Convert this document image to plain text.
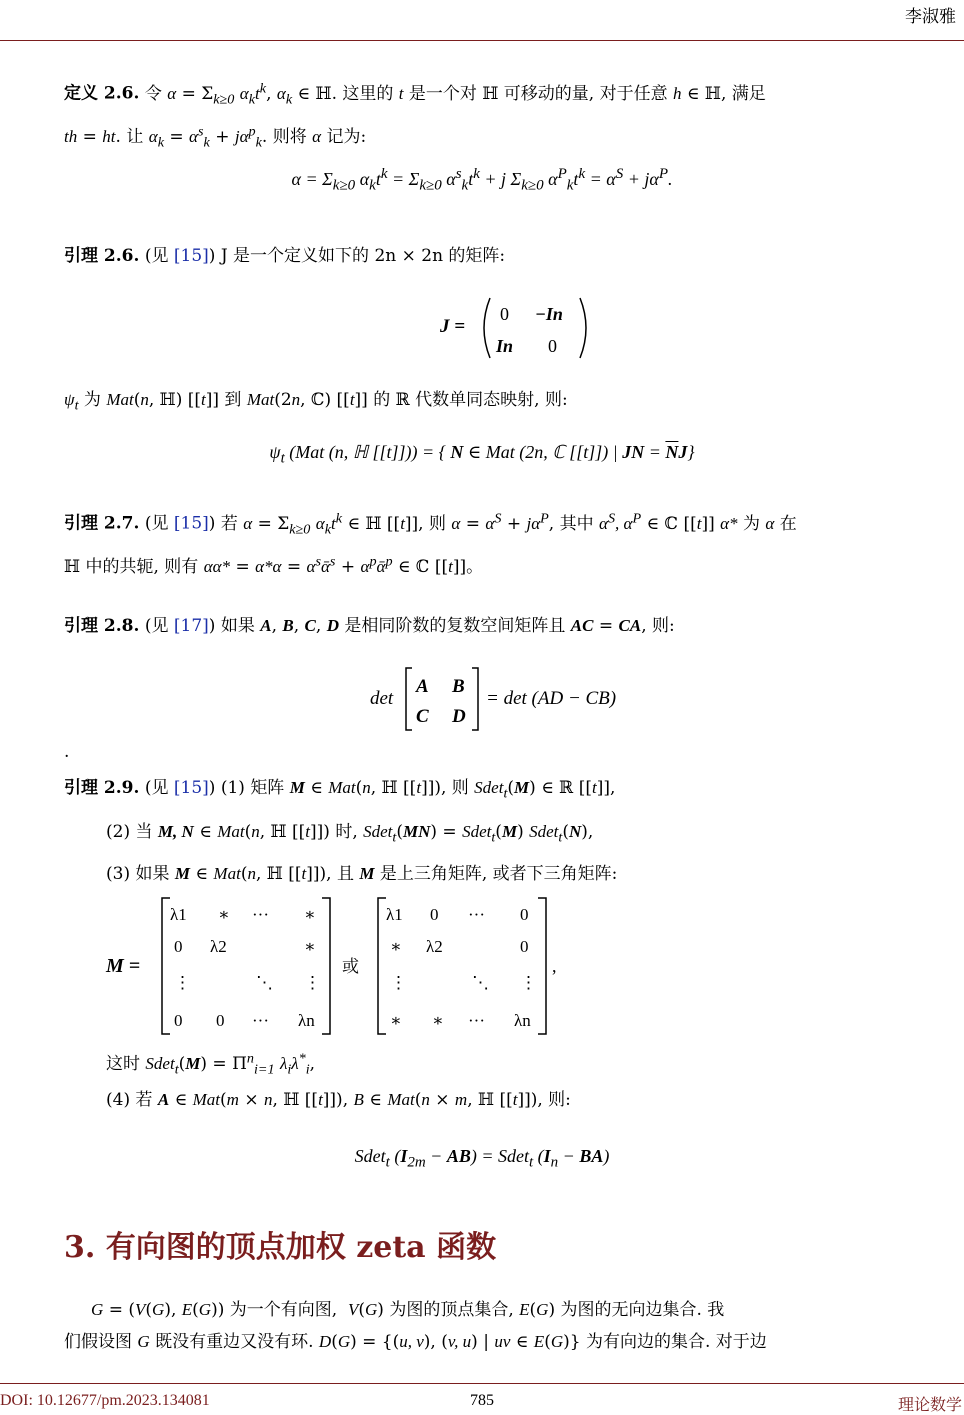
李淑雅
定义 2.6. 令 $\alpha = \Sigma_{k\ge 0}$ $\alpha_kt^k$, $\alpha_k$ ∈ ℍ. 这里的 t 是一个对 ℍ 可移动的量, 对于任意 h ∈ ℍ, 满足
th = ht. 让 $\alpha_k = \alpha^s_k + j\alpha^p_k$. 则将 α 记为:
$\alpha = \Sigma_{k\ge 0}$ $\alpha_kt^k = \Sigma_{k\ge 0}$ $\alpha^s_kt^k + j$ $\Sigma_{k\ge 0}$ $\alpha^P_kt^k = \alpha^S + j\alpha^P$.
引理 2.6. (见 [15]) J 是一个定义如下的 2n × 2n 的矩阵:
J =
0 −In
In 0
$\psi_t$ 为 Mat(n, ℍ) [[t]] 到 Mat(2n, ℂ) [[t]] 的 ℝ 代数单同态映射, 则:
$\psi_t$ (Mat (n, ℍ [[t]])) = { N ∈ Mat (2n, ℂ [[t]]) | JN = $\overline{N}J$}
引理 2.7. (见 [15]) 若 $\alpha = \Sigma_{k\ge 0}$ $\alpha_kt^k$ ∈ ℍ [[t]], 则 $\alpha = \alpha^S + j\alpha^P$, 其中 $\alpha^S$, $\alpha^P$ ∈ ℂ [[t]] α* 为 α 在
ℍ 中的共轭, 则有 $\alpha\alpha* = \alpha*\alpha = \alpha^sᾱ^s$ + $\alpha^pᾱ^p$ ∈ ℂ [[t]]。
引理 2.8. (见 [17]) 如果 A, B, C, D 是相同阶数的复数空间矩阵且 AC = CA, 则:
det
A B
C D
= det (AD − CB)
.
引理 2.9. (见 [15]) (1) 矩阵 M ∈ Mat(n, ℍ [[t]]), 则 Sdet$_t$(M) ∈ ℝ [[t]],
(2) 当 M, N ∈ Mat(n, ℍ [[t]]) 时, Sdet$_t$(MN) = Sdet$_t$(M) Sdet$_t$(N),
(3) 如果 M ∈ Mat(n, ℍ [[t]]), 且 M 是上三角矩阵, 或者下三角矩阵:
M =
λ1 ∗ ··· ∗
0 λ2	∗
⋮	⋱ ⋮
0 0 ··· λn
或
λ1 0 ··· 0
∗ λ2	0
⋮	⋱ ⋮
∗ ∗ ··· λn
,
这时 $Sdet_t(M) = \Pi^n_{i=1}$ $\lambda_i\lambda^*_i$,
(4) 若 A ∈ Mat(m × n, ℍ [[t]]), B ∈ Mat(n × m, ℍ [[t]]), 则:
Sdet$_t$ $(I_{2m} - AB) = Sdet_t$ $(I_n - BA)$
3. 有向图的顶点加权 zeta 函数
G = (V(G), E(G)) 为一个有向图,  V(G) 为图的顶点集合, E(G) 为图的无向边集合. 我
们假设图 G 既没有重边又没有环. D(G) = {(u, v), (v, u) | uv ∈ E(G)} 为有向边的集合. 对于边
DOI: 10.12677/pm.2023.134081	785	理论数学
